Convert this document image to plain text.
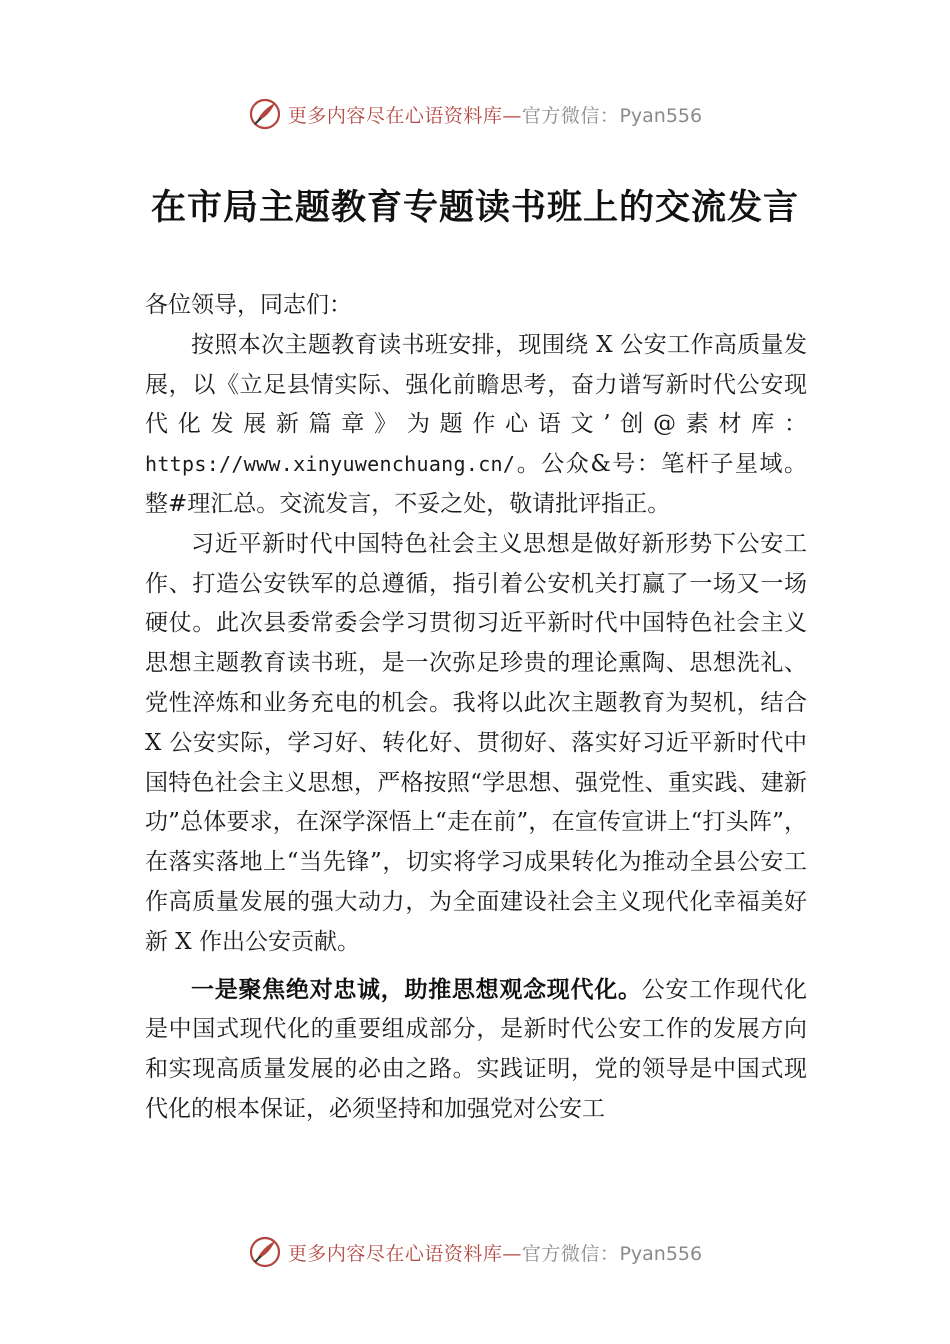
更多内容尽在心语资料库—官方微信：Pyan556
在市局主题教育专题读书班上的交流发言

各位领导，同志们：

按照本次主题教育读书班安排，现围绕 X 公安工作高质量发展，以《立足县情实际、强化前瞻思考，奋力谱写新时代公安现代化发展新篇章》为题作心语文’创@素材库：https://www.xinyuwenchuang.cn/。公众&号：笔杆子星域。整#理汇总。交流发言，不妥之处，敬请批评指正。

习近平新时代中国特色社会主义思想是做好新形势下公安工作、打造公安铁军的总遵循，指引着公安机关打赢了一场又一场硬仗。此次县委常委会学习贯彻习近平新时代中国特色社会主义思想主题教育读书班，是一次弥足珍贵的理论熏陶、思想洗礼、党性淬炼和业务充电的机会。我将以此次主题教育为契机，结合 X 公安实际，学习好、转化好、贯彻好、落实好习近平新时代中国特色社会主义思想，严格按照“学思想、强党性、重实践、建新功”总体要求，在深学深悟上“走在前”，在宣传宣讲上“打头阵”，在落实落地上“当先锋”，切实将学习成果转化为推动全县公安工作高质量发展的强大动力，为全面建设社会主义现代化幸福美好新 X 作出公安贡献。

一是聚焦绝对忠诚，助推思想观念现代化。公安工作现代化是中国式现代化的重要组成部分，是新时代公安工作的发展方向和实现高质量发展的必由之路。实践证明，党的领导是中国式现代化的根本保证，必须坚持和加强党对公安工

更多内容尽在心语资料库—官方微信：Pyan556
